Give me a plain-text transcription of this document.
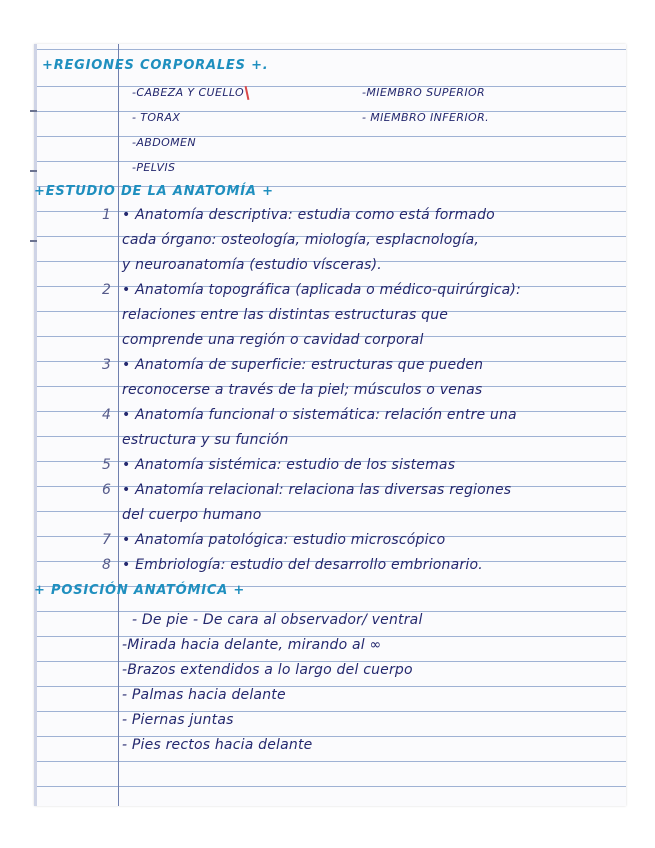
+REGIONES CORPORALES +.
-CABEZA Y CUELLO
- TORAX
-ABDOMEN
-PELVIS
-MIEMBRO SUPERIOR
- MIEMBRO INFERIOR.
+ESTUDIO DE LA ANATOMÍA +
1 • Anatomía descriptiva: estudia como está formado
cada órgano: osteología, miología, esplacnología,
y neuroanatomía (estudio vísceras).
2 • Anatomía topográfica (aplicada o médico-quirúrgica):
relaciones entre las distintas estructuras que
comprende una región o cavidad corporal
3 • Anatomía de superficie: estructuras que pueden
reconocerse a través de la piel; músculos o venas
4 • Anatomía funcional o sistemática: relación entre una
estructura y su función
5 • Anatomía sistémica: estudio de los sistemas
6 • Anatomía relacional: relaciona las diversas regiones
del cuerpo humano
7 • Anatomía patológica: estudio microscópico
8 • Embriología: estudio del desarrollo embrionario.
+ POSICIÓN ANATÓMICA +
- De pie - De cara al observador/ ventral
-Mirada hacia delante, mirando al ∞
-Brazos extendidos a lo largo del cuerpo
- Palmas hacia delante
- Piernas juntas
- Pies rectos hacia delante
